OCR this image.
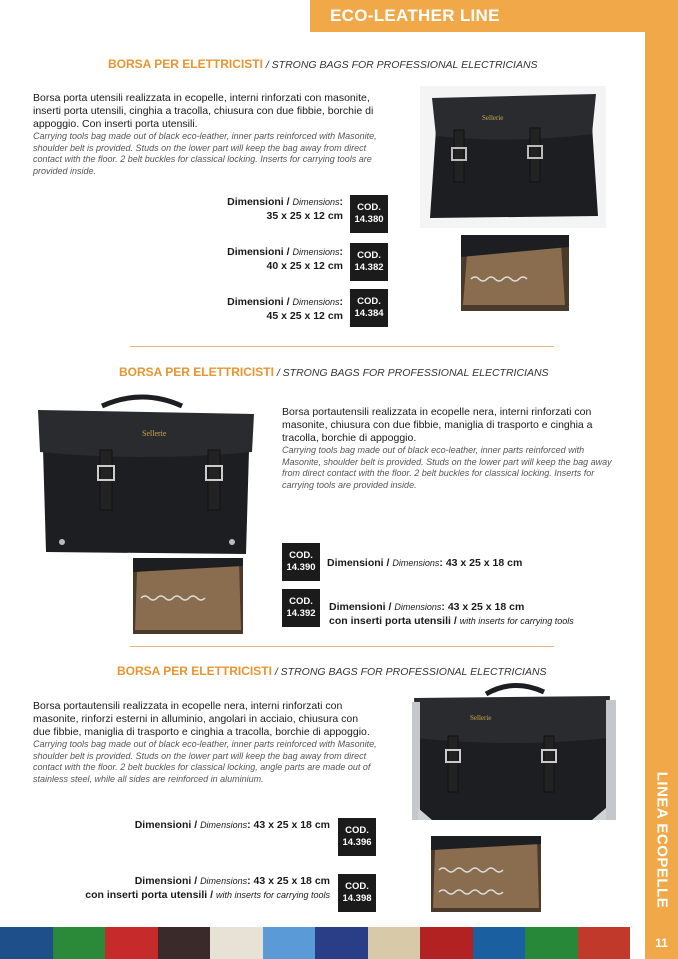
ECO-LEATHER LINE
LINEA ECOPELLE
BORSA PER ELETTRICISTI / STRONG BAGS FOR PROFESSIONAL ELECTRICIANS
Borsa porta utensili realizzata in ecopelle, interni rinforzati con masonite, inserti porta utensili, cinghia a tracolla, chiusura con due fibbie, borchie di appoggio. Con inserti porta utensili.
Carrying tools bag made out of black eco-leather, inner parts reinforced with Masonite, shoulder belt is provided. Studs on the lower part will keep the bag away from direct contact with the floor. 2 belt buckles for classical locking. Inserts for carrying tools are provided inside.
Dimensioni / Dimensions:
35 x 25 x 12 cm
COD.
14.380
Dimensioni / Dimensions:
40 x 25 x 12 cm
COD.
14.382
Dimensioni / Dimensions:
45 x 25 x 12 cm
COD.
14.384
Sellerie
BORSA PER ELETTRICISTI / STRONG BAGS FOR PROFESSIONAL ELECTRICIANS
Sellerie
Borsa portautensili realizzata in ecopelle nera, interni rinforzati con masonite, chiusura con due fibbie, maniglia di trasporto e cinghia a tracolla, borchie di appoggio.
Carrying tools bag made out of black eco-leather, inner parts reinforced with Masonite, shoulder belt is provided. Studs on the lower part will keep the bag away from direct contact with the floor. 2 belt buckles for classical locking. Inserts for carrying tools are provided inside.
COD.
14.390	Dimensioni / Dimensions: 43 x 25 x 18 cm
COD.
14.392
Dimensioni / Dimensions: 43 x 25 x 18 cm
con inserti porta utensili / with inserts for carrying tools
BORSA PER ELETTRICISTI / STRONG BAGS FOR PROFESSIONAL ELECTRICIANS
Borsa portautensili realizzata in ecopelle nera, interni rinforzati con masonite, rinforzi esterni in alluminio, angolari in acciaio, chiusura con due fibbie, maniglia di trasporto e cinghia a tracolla, borchie di appoggio.
Carrying tools bag made out of black eco-leather, inner parts reinforced with Masonite, shoulder belt is provided. Studs on the lower part will keep the bag away from direct contact with the floor. 2 belt buckles for classical locking, angle parts are made out of stainless steel, while all sides are reinforced in aluminium.
Sellerie
Dimensioni / Dimensions: 43 x 25 x 18 cm	COD.
14.396
Dimensioni / Dimensions: 43 x 25 x 18 cm
con inserti porta utensili / with inserts for carrying tools
COD.
14.398
11
